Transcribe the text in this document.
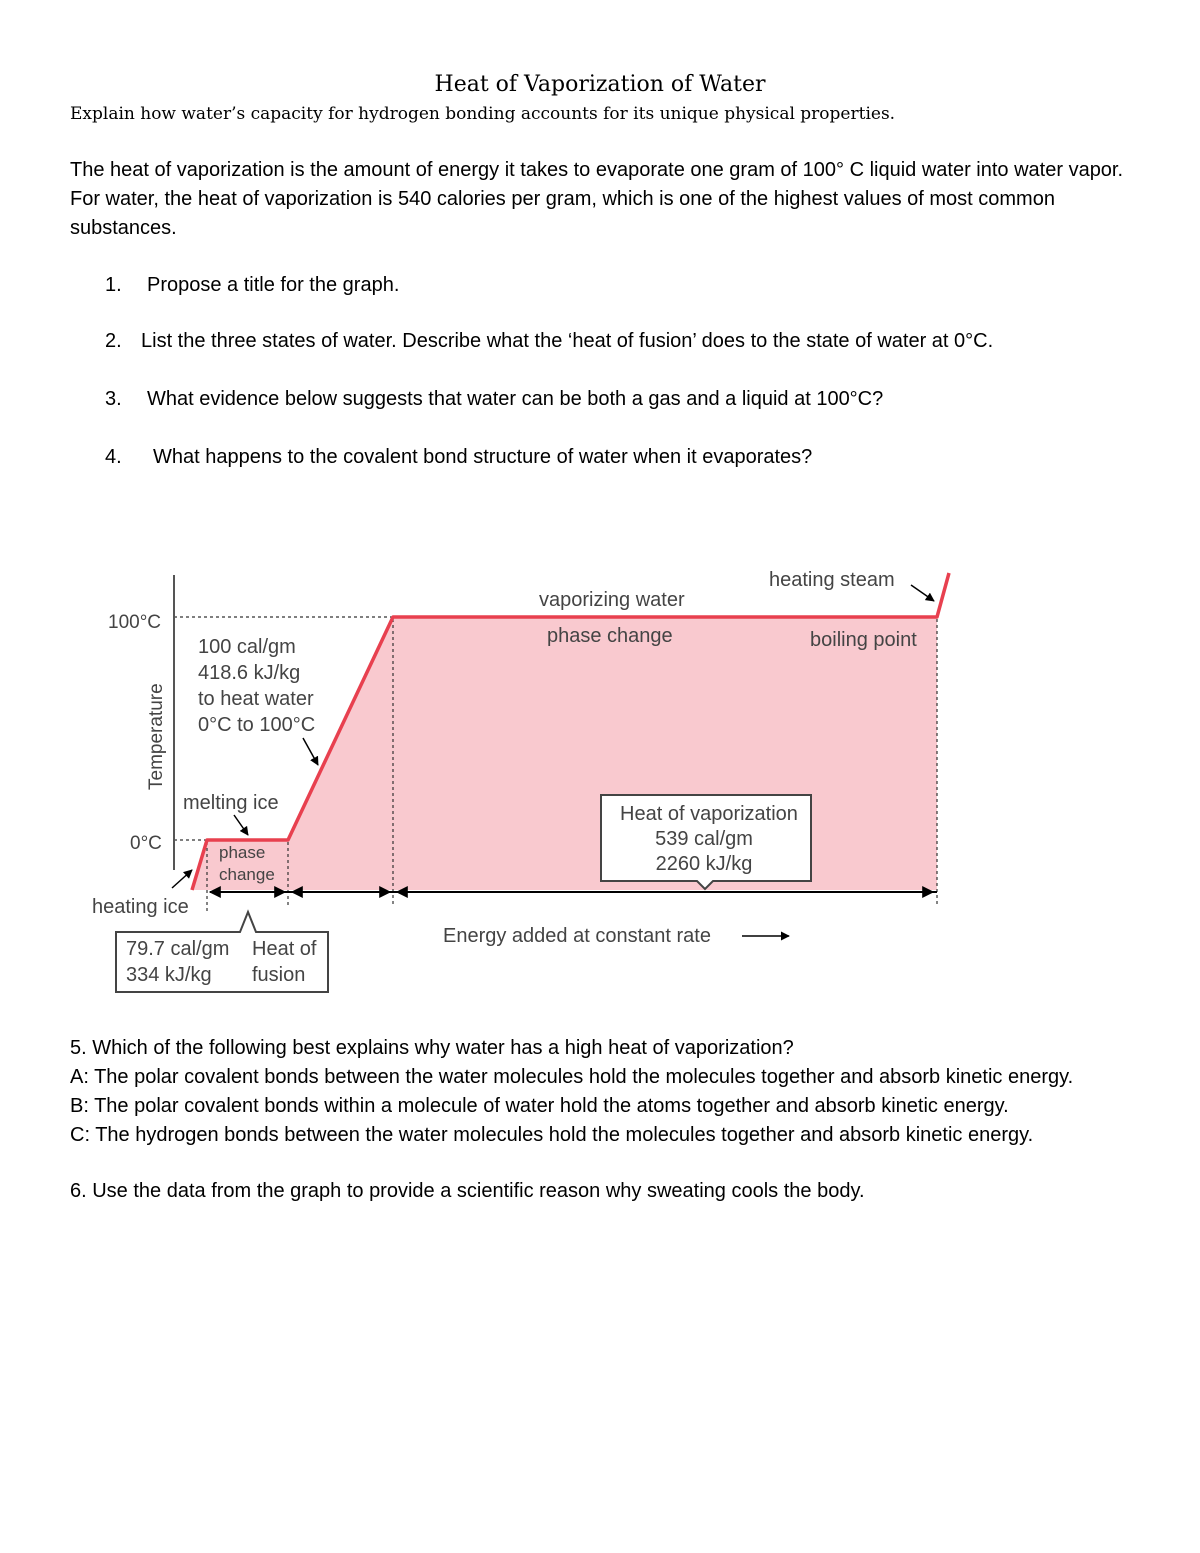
Heat of Vaporization of Water
Explain how water’s capacity for hydrogen bonding accounts for its unique physical properties.
The heat of vaporization is the amount of energy it takes to evaporate one gram of 100° C liquid water into water vapor. For water, the heat of vaporization is 540 calories per gram, which is one of the highest values of most common substances.
1. Propose a title for the graph.
2. List the three states of water. Describe what the ‘heat of fusion’ does to the state of water at 0°C.
3. What evidence below suggests that water can be both a gas and a liquid at 100°C?
4. What happens to the covalent bond structure of water when it evaporates?
100°C
0°C
Temperature
100 cal/gm
418.6 kJ/kg
to heat water
0°C to 100°C
melting ice
phase
change
heating ice
79.7 cal/gm
334 kJ/kg
Heat of
fusion
vaporizing water
phase change
heating steam
boiling point
Heat of vaporization
539 cal/gm
2260 kJ/kg
Energy added at constant rate

5. Which of the following best explains why water has a high heat of vaporization?

A: The polar covalent bonds between the water molecules hold the molecules together and absorb kinetic energy.

B: The polar covalent bonds within a molecule of water hold the atoms together and absorb kinetic energy.

C: The hydrogen bonds between the water molecules hold the molecules together and absorb kinetic energy.

6. Use the data from the graph to provide a scientific reason why sweating cools the body.
